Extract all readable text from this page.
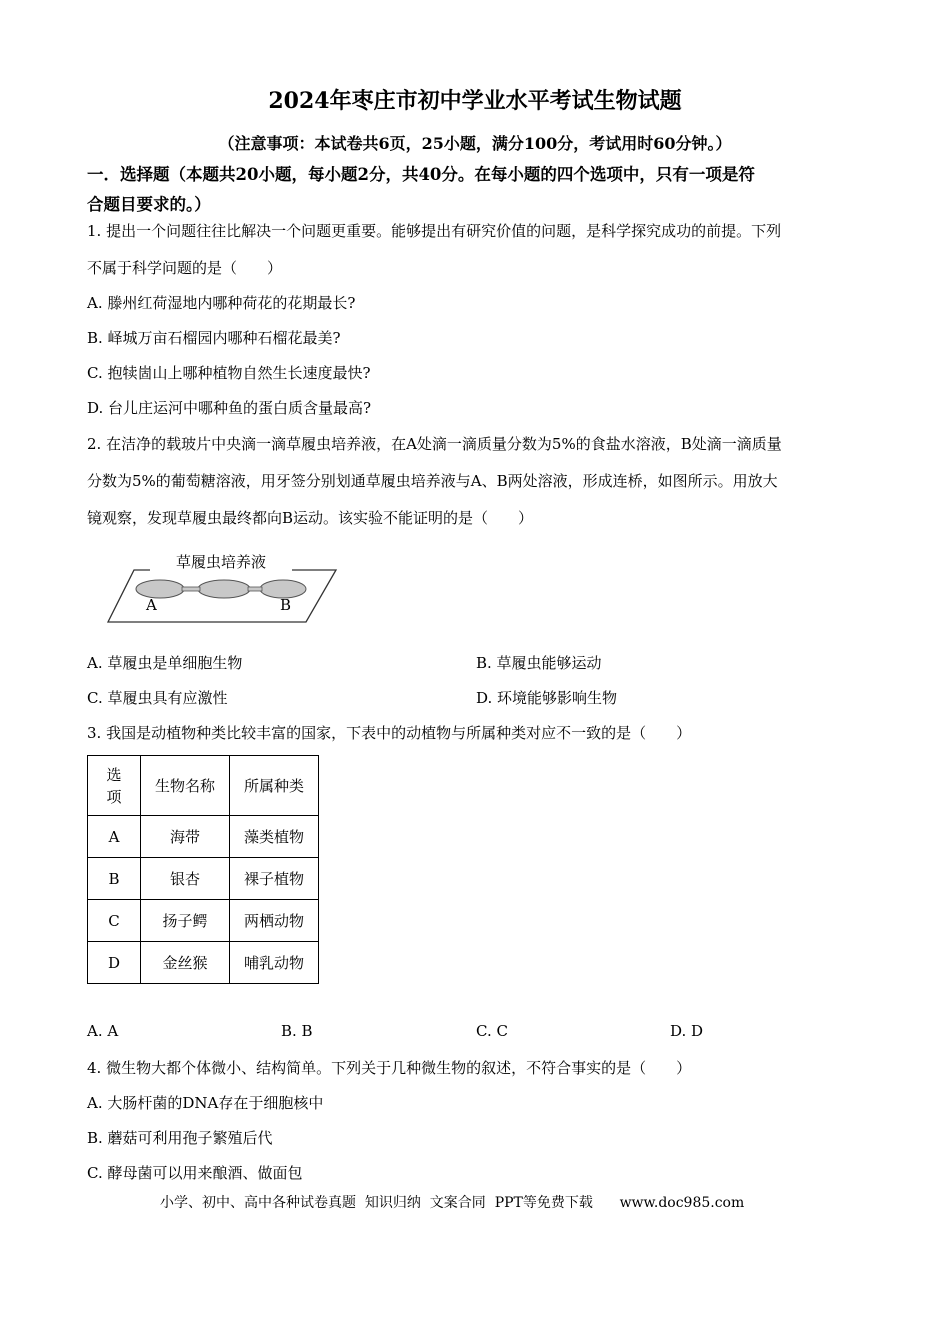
2024年枣庄市初中学业水平考试生物试题
（注意事项：本试卷共6页，25小题，满分100分，考试用时60分钟。）
一．选择题（本题共20小题，每小题2分，共40分。在每小题的四个选项中，只有一项是符
合题目要求的。）
1. 提出一个问题往往比解决一个问题更重要。能够提出有研究价值的问题，是科学探究成功的前提。下列
不属于科学问题的是（　　）
A. 滕州红荷湿地内哪种荷花的花期最长?
B. 峄城万亩石榴园内哪种石榴花最美?
C. 抱犊崮山上哪种植物自然生长速度最快?
D. 台儿庄运河中哪种鱼的蛋白质含量最高?
2. 在洁净的载玻片中央滴一滴草履虫培养液，在A处滴一滴质量分数为5%的食盐水溶液，B处滴一滴质量
分数为5%的葡萄糖溶液，用牙签分别划通草履虫培养液与A、B两处溶液，形成连桥，如图所示。用放大
镜观察，发现草履虫最终都向B运动。该实验不能证明的是（　　）
草履虫培养液
A	B
A. 草履虫是单细胞生物	B. 草履虫能够运动
C. 草履虫具有应激性	D. 环境能够影响生物
3. 我国是动植物种类比较丰富的国家，下表中的动植物与所属种类对应不一致的是（　　）
选
项	生物名称	所属种类
A	海带	藻类植物
B	银杏	裸子植物
C	扬子鳄	两栖动物
D	金丝猴	哺乳动物
A. A	B. B	C. C	D. D
4. 微生物大都个体微小、结构简单。下列关于几种微生物的叙述，不符合事实的是（　　）
A. 大肠杆菌的DNA存在于细胞核中
B. 蘑菇可利用孢子繁殖后代
C. 酵母菌可以用来酿酒、做面包
小学、初中、高中各种试卷真题  知识归纳  文案合同  PPT等免费下载      www.doc985.com
